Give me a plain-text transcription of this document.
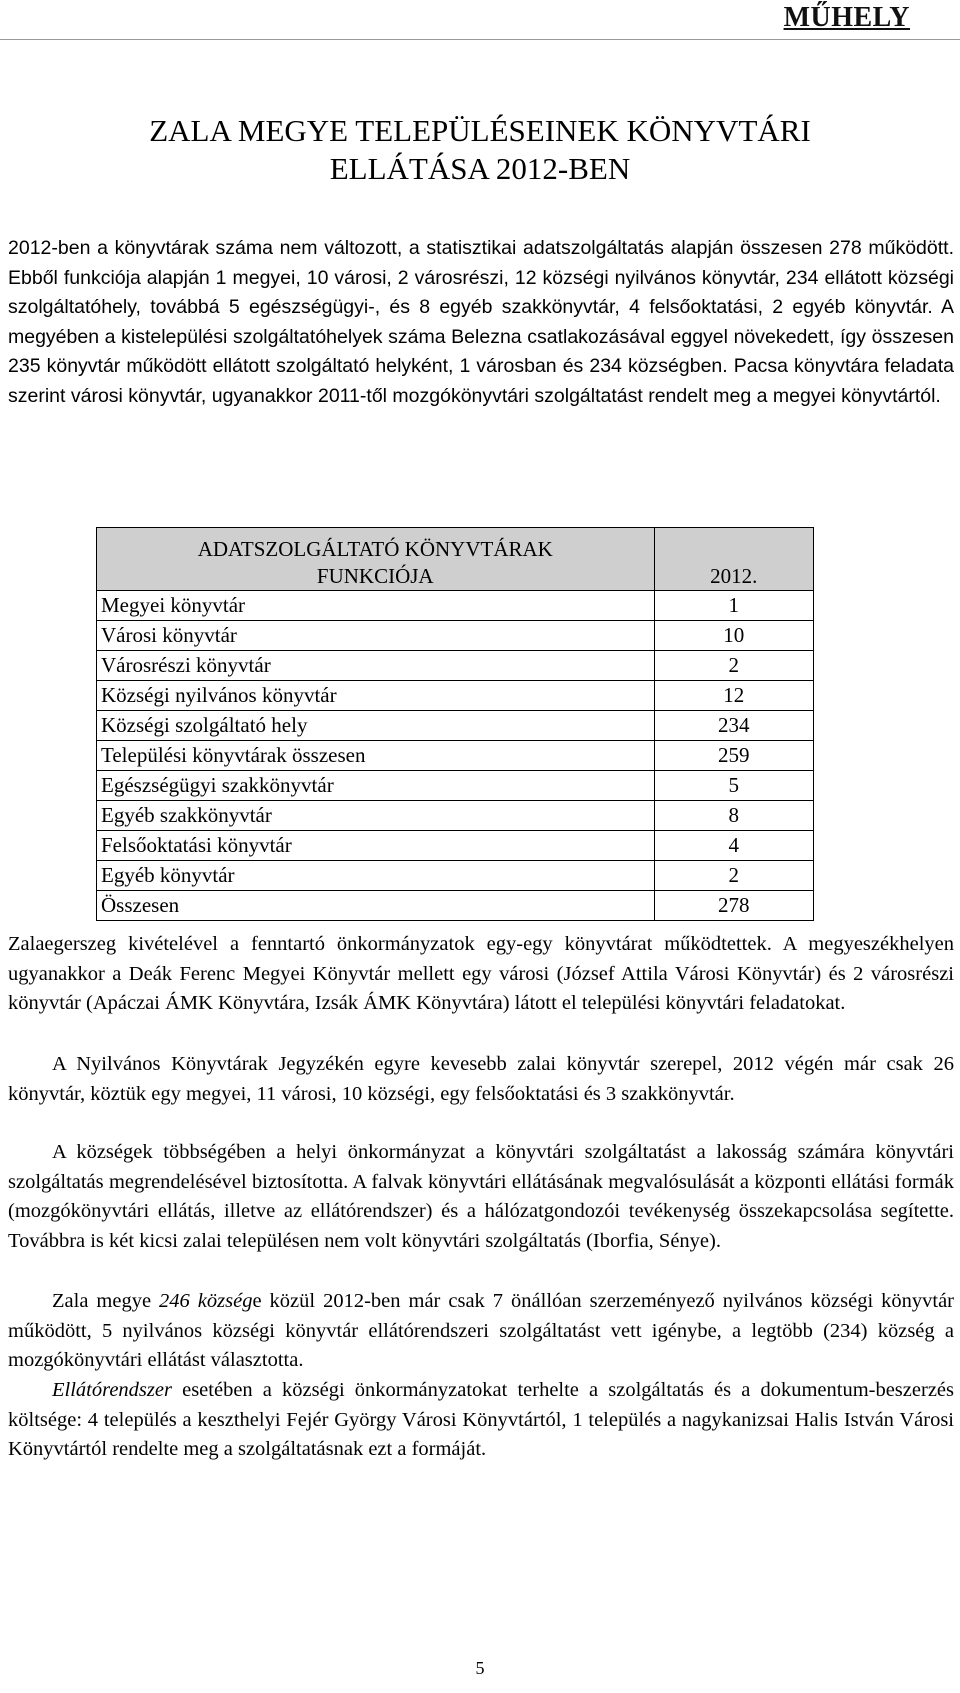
MŰHELY
ZALA MEGYE TELEPÜLÉSEINEK KÖNYVTÁRI
ELLÁTÁSA 2012-BEN

2012-ben a könyvtárak száma nem változott, a statisztikai adatszolgáltatás alapján összesen 278 működött. Ebből funkciója alapján 1 megyei, 10 városi, 2 városrészi, 12 községi nyilvános könyvtár, 234 ellátott községi szolgáltatóhely, továbbá 5 egészségügyi-, és 8 egyéb szakkönyvtár, 4 felsőoktatási, 2 egyéb könyvtár. A megyében a kistelepülési szolgáltatóhelyek száma Belezna csatlakozásával eggyel növekedett, így összesen 235 könyvtár működött ellátott szolgáltató helyként, 1 városban és 234 községben. Pacsa könyvtára feladata szerint városi könyvtár, ugyanakkor 2011-től mozgókönyvtári szolgáltatást rendelt meg a megyei könyvtártól.

ADATSZOLGÁLTATÓ KÖNYVTÁRAK
FUNKCIÓJA	2012.
Megyei könyvtár	1
Városi könyvtár	10
Városrészi könyvtár	2
Községi nyilvános könyvtár	12
Községi szolgáltató hely	234
Települési könyvtárak összesen	259
Egészségügyi szakkönyvtár	5
Egyéb szakkönyvtár	8
Felsőoktatási könyvtár	4
Egyéb könyvtár	2
Összesen	278

Zalaegerszeg kivételével a fenntartó önkormányzatok egy-egy könyvtárat működtettek. A megyeszékhelyen ugyanakkor a Deák Ferenc Megyei Könyvtár mellett egy városi (József Attila Városi Könyvtár) és 2 városrészi könyvtár (Apáczai ÁMK Könyvtára, Izsák ÁMK Könyvtára) látott el települési könyvtári feladatokat.

A Nyilvános Könyvtárak Jegyzékén egyre kevesebb zalai könyvtár szerepel, 2012 végén már csak 26 könyvtár, köztük egy megyei, 11 városi, 10 községi, egy felsőoktatási és 3 szakkönyvtár.

A községek többségében a helyi önkormányzat a könyvtári szolgáltatást a lakosság számára könyvtári szolgáltatás megrendelésével biztosította. A falvak könyvtári ellátásának megvalósulását a központi ellátási formák (mozgókönyvtári ellátás, illetve az ellátórendszer) és a hálózatgondozói tevékenység összekapcsolása segítette. Továbbra is két kicsi zalai településen nem volt könyvtári szolgáltatás (Iborfia, Sénye).

Zala megye 246 községe közül 2012-ben már csak 7 önállóan szerzeményező nyilvános községi könyvtár működött, 5 nyilvános községi könyvtár ellátórendszeri szolgáltatást vett igénybe, a legtöbb (234) község a mozgókönyvtári ellátást választotta.

Ellátórendszer esetében a községi önkormányzatokat terhelte a szolgáltatás és a dokumentum-beszerzés költsége: 4 település a keszthelyi Fejér György Városi Könyvtártól, 1 település a nagykanizsai Halis István Városi Könyvtártól rendelte meg a szolgáltatásnak ezt a formáját.

5
